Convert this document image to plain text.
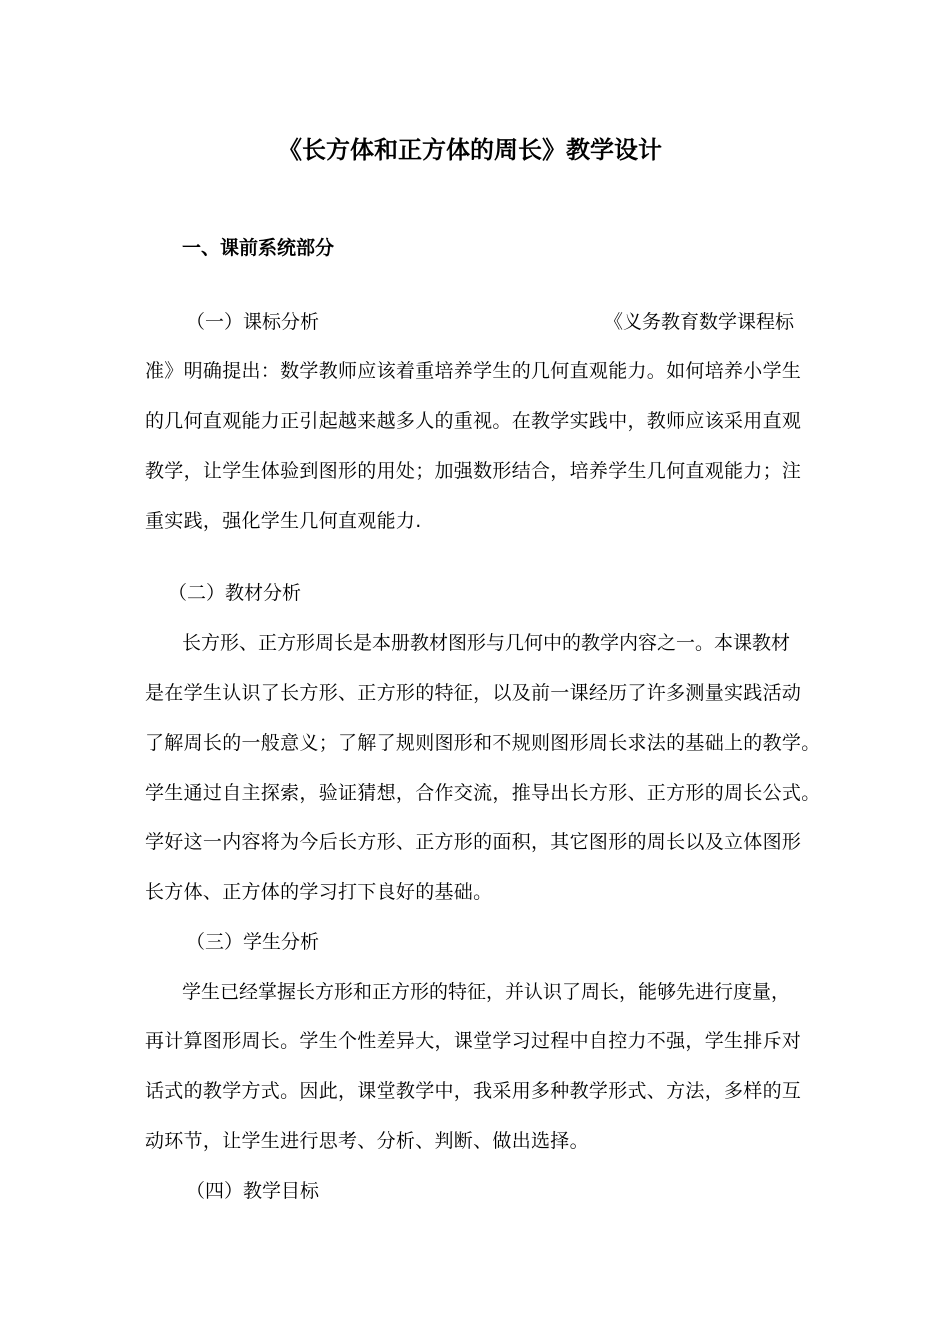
《长方体和正方体的周长》教学设计
一、课前系统部分
（一）课标分析	《义务教育数学课程标
准》明确提出：数学教师应该着重培养学生的几何直观能力。如何培养小学生
的几何直观能力正引起越来越多人的重视。在教学实践中，教师应该采用直观
教学，让学生体验到图形的用处；加强数形结合，培养学生几何直观能力；注
重实践，强化学生几何直观能力.
（二）教材分析
长方形、正方形周长是本册教材图形与几何中的教学内容之一。本课教材
是在学生认识了长方形、正方形的特征，以及前一课经历了许多测量实践活动
了解周长的一般意义；了解了规则图形和不规则图形周长求法的基础上的教学。
学生通过自主探索，验证猜想，合作交流，推导出长方形、正方形的周长公式。
学好这一内容将为今后长方形、正方形的面积，其它图形的周长以及立体图形
长方体、正方体的学习打下良好的基础。
（三）学生分析
学生已经掌握长方形和正方形的特征，并认识了周长，能够先进行度量，
再计算图形周长。学生个性差异大，课堂学习过程中自控力不强，学生排斥对
话式的教学方式。因此，课堂教学中，我采用多种教学形式、方法，多样的互
动环节，让学生进行思考、分析、判断、做出选择。
（四）教学目标
